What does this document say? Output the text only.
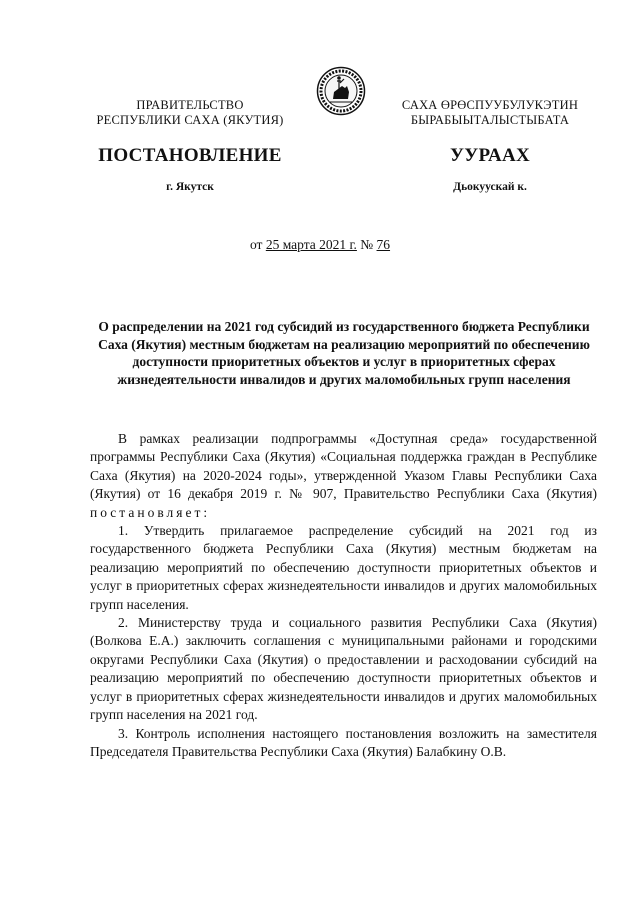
ПРАВИТЕЛЬСТВО
РЕСПУБЛИКИ САХА (ЯКУТИЯ)
САХА ӨРӨСПУУБУЛУКЭТИН
БЫРАБЫЫТАЛЫСТЫБАТА
ПОСТАНОВЛЕНИЕ	УУРААХ
г. Якутск	Дьокуускай к.
от 25 марта 2021 г. № 76
О распределении на 2021 год субсидий из государственного бюджета Республики Саха (Якутия) местным бюджетам на реализацию мероприятий по обеспечению доступности приоритетных объектов и услуг в приоритетных сферах жизнедеятельности инвалидов и других маломобильных групп населения

В рамках реализации подпрограммы «Доступная среда» государственной программы Республики Саха (Якутия) «Социальная поддержка граждан в Республике Саха (Якутия) на 2020-2024 годы», утвержденной Указом Главы Республики Саха (Якутия) от 16 декабря 2019 г. № 907, Правительство Республики Саха (Якутия) постановляет:

1. Утвердить прилагаемое распределение субсидий на 2021 год из государственного бюджета Республики Саха (Якутия) местным бюджетам на реализацию мероприятий по обеспечению доступности приоритетных объектов и услуг в приоритетных сферах жизнедеятельности инвалидов и других маломобильных групп населения.

2. Министерству труда и социального развития Республики Саха (Якутия) (Волкова Е.А.) заключить соглашения с муниципальными районами и городскими округами Республики Саха (Якутия) о предоставлении и расходовании субсидий на реализацию мероприятий по обеспечению доступности приоритетных объектов и услуг в приоритетных сферах жизнедеятельности инвалидов и других маломобильных групп населения на 2021 год.

3. Контроль исполнения настоящего постановления возложить на заместителя Председателя Правительства Республики Саха (Якутия) Балабкину О.В.
